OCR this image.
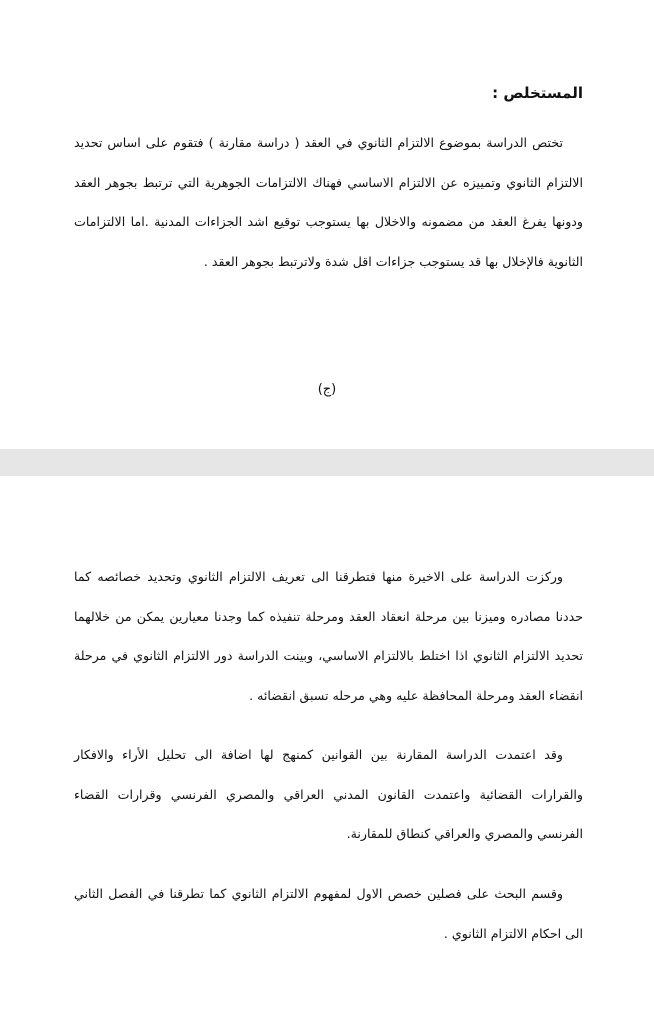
المستخلص :
تختص الدراسة بموضوع الالتزام الثانوي في العقد ( دراسة مقارنة ) فتقوم على اساس تحديد الالتزام الثانوي وتمييزه عن الالتزام الاساسي فهناك الالتزامات الجوهرية التي ترتبط بجوهر العقد ودونها يفرغ العقد من مضمونه والاخلال بها يستوجب توقيع اشد الجزاءات المدنية .اما الالتزامات الثانوية فالإخلال بها قد يستوجب جزاءات اقل شدة ولاترتبط بجوهر العقد .
(ج)
وركزت الدراسة على الاخيرة منها فتطرقنا الى تعريف الالتزام الثانوي وتحديد خصائصه كما حددنا مصادره وميزنا بين مرحلة انعقاد العقد ومرحلة تنفيذه كما وجدنا معيارين يمكن من خلالهما تحديد الالتزام الثانوي اذا اختلط بالالتزام الاساسي، وبينت الدراسة دور الالتزام الثانوي في مرحلة انقضاء العقد ومرحلة المحافظة عليه وهي مرحله تسبق انقضائه .
وقد اعتمدت الدراسة المقارنة بين القوانين كمنهج لها اضافة الى تحليل الأراء والافكار والقرارات القضائية واعتمدت القانون المدني العراقي والمصري الفرنسي وقرارات القضاء الفرنسي والمصري والعراقي كنطاق للمقارنة.
وقسم البحث على فصلين خصص الاول لمفهوم الالتزام الثانوي كما تطرقنا في الفصل الثاني الى احكام الالتزام الثانوي .
